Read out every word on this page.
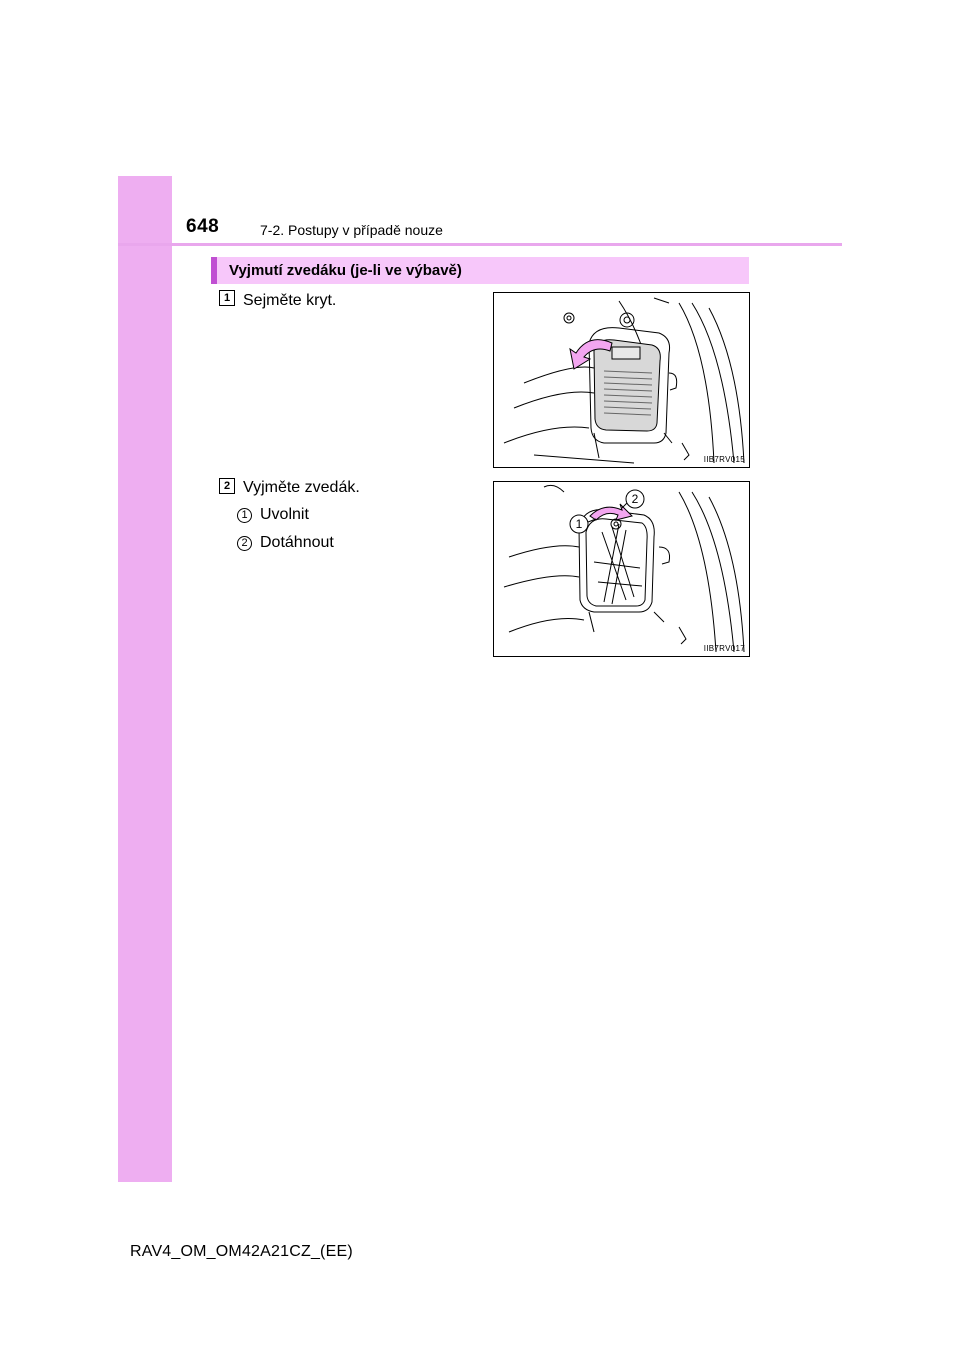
648	7-2. Postupy v případě nouze
Vyjmutí zvedáku (je-li ve výbavě)
1 Sejměte kryt.
IIB7RV015
2 Vyjměte zvedák.
1 Uvolnit
2 Dotáhnout
1
2
IIB7RV017
RAV4_OM_OM42A21CZ_(EE)
